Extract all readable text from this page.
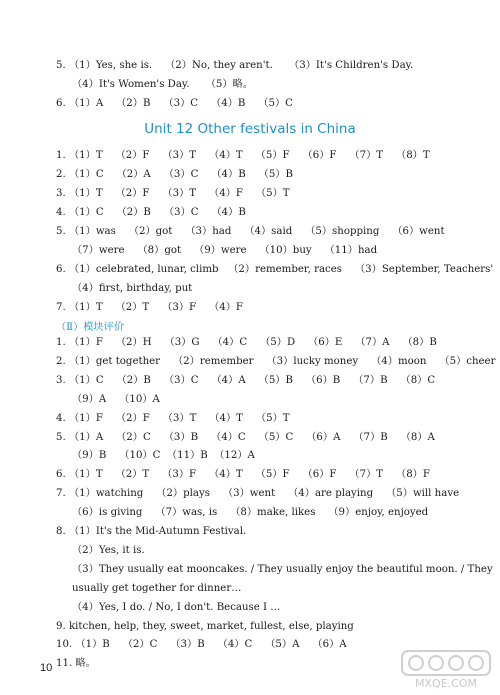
5. （1）Yes, she is.    （2）No, they aren't.     （3）It's Children's Day.
（4）It's Women's Day.     （5）略。
6. （1）A    （2）B    （3）C    （4）B    （5）C
Unit 12 Other festivals in China
1. （1）T    （2）F    （3）T    （4）T    （5）F    （6）F    （7）T    （8）T
2. （1）C    （2）A    （3）C    （4）B    （5）B
3. （1）T    （2）F    （3）T    （4）F    （5）T
4. （1）C    （2）B    （3）C    （4）B
5. （1）was    （2）got    （3）had    （4）said    （5）shopping    （6）went
（7）were    （8）got    （9）were    （10）buy    （11）had
6. （1）celebrated, lunar, climb   （2）remember, races    （3）September, Teachers'
（4）first, birthday, put
7. （1）T    （2）T    （3）F    （4）F
（Ⅱ）模块评价
1. （1）F    （2）H    （3）G    （4）C    （5）D    （6）E    （7）A    （8）B
2. （1）get together    （2）remember    （3）lucky money    （4）moon    （5）cheer
3. （1）C    （2）B    （3）C    （4）A    （5）B    （6）B    （7）B    （8）C
（9）A    （10）A
4. （1）F    （2）F    （3）T    （4）T    （5）T
5. （1）A    （2）C    （3）B    （4）C    （5）C    （6）A    （7）B    （8）A
（9）B    （10）C  （11）B  （12）A
6. （1）T    （2）T    （3）F    （4）T    （5）F    （6）F    （7）T    （8）F
7. （1）watching    （2）plays    （3）went    （4）are playing    （5）will have
（6）is giving    （7）was, is    （8）make, likes    （9）enjoy, enjoyed
8. （1）It's the Mid-Autumn Festival.
（2）Yes, it is.
（3）They usually eat mooncakes. / They usually enjoy the beautiful moon. / They
usually get together for dinner…
（4）Yes, I do. / No, I don't. Because I …
9. kitchen, help, they, sweet, market, fullest, else, playing
10. （1）B    （2）C    （3）B    （4）C    （5）A    （6）A
11. 略。
10
MXQE.COM
